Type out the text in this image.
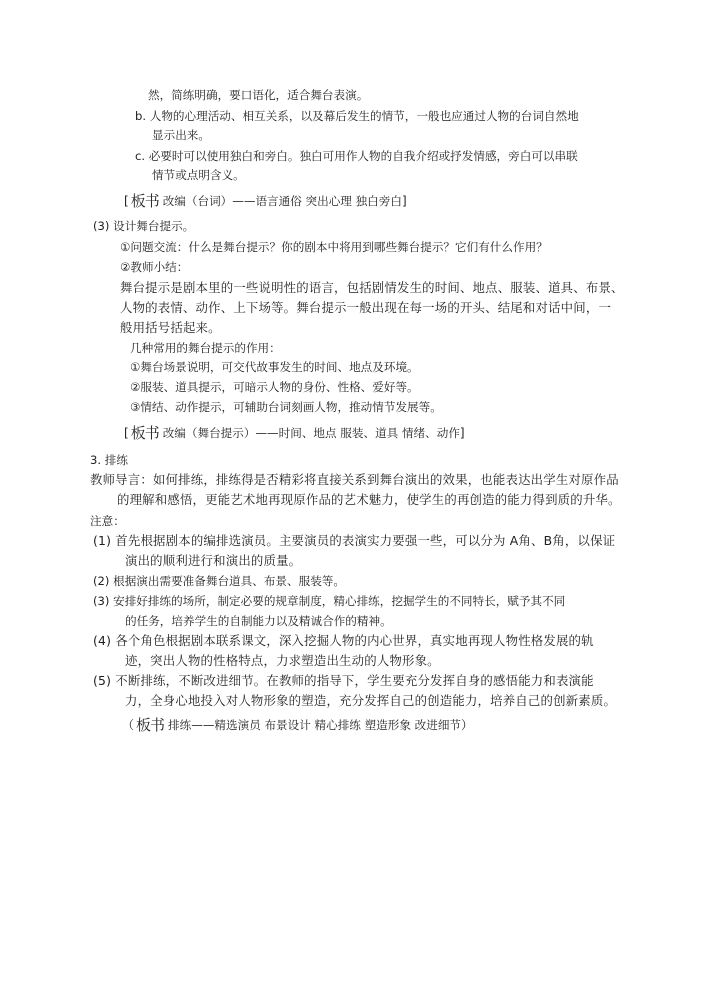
然，简练明确，要口语化，适合舞台表演。
b. 人物的心理活动、相互关系，以及幕后发生的情节，一般也应通过人物的台词自然地
显示出来。
c. 必要时可以使用独白和旁白。独白可用作人物的自我介绍或抒发情感，旁白可以串联
情节或点明含义。
[ 板书 改编（台词）——语言通俗 突出心理 独白旁白]
(3) 设计舞台提示。
①问题交流：什么是舞台提示？你的剧本中将用到哪些舞台提示？它们有什么作用？
②教师小结：
舞台提示是剧本里的一些说明性的语言，包括剧情发生的时间、地点、服装、道具、布景、
人物的表情、动作、上下场等。舞台提示一般出现在每一场的开头、结尾和对话中间，一
般用括号括起来。
几种常用的舞台提示的作用：
①舞台场景说明，可交代故事发生的时间、地点及环境。
②服装、道具提示，可暗示人物的身份、性格、爱好等。
③情结、动作提示，可辅助台词刻画人物，推动情节发展等。
[ 板书 改编（舞台提示）——时间、地点 服装、道具 情绪、动作]
3. 排练
教师导言：如何排练，排练得是否精彩将直接关系到舞台演出的效果，也能表达出学生对原作品
的理解和感悟，更能艺术地再现原作品的艺术魅力，使学生的再创造的能力得到质的升华。
注意：
(1) 首先根据剧本的编排选演员。主要演员的表演实力要强一些，可以分为 A角、B角，以保证
演出的顺利进行和演出的质量。
(2) 根据演出需要准备舞台道具、布景、服装等。
(3) 安排好排练的场所，制定必要的规章制度，精心排练，挖掘学生的不同特长，赋予其不同
的任务，培养学生的自制能力以及精诚合作的精神。
(4) 各个角色根据剧本联系课文，深入挖掘人物的内心世界，真实地再现人物性格发展的轨
迹，突出人物的性格特点，力求塑造出生动的人物形象。
(5) 不断排练，不断改进细节。在教师的指导下，学生要充分发挥自身的感悟能力和表演能
力，全身心地投入对人物形象的塑造，充分发挥自己的创造能力，培养自己的创新素质。
（ 板书 排练——精选演员 布景设计 精心排练 塑造形象 改进细节）
